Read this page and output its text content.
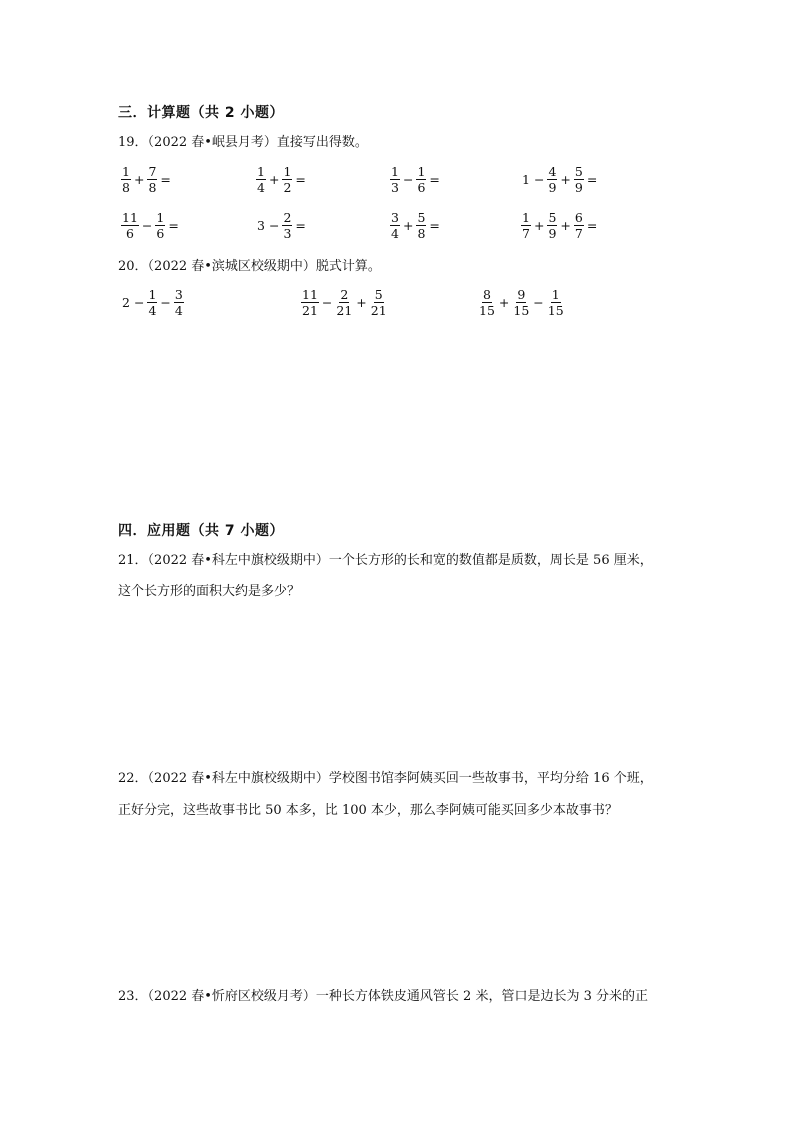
三．计算题（共 2 小题）
19．（2022 春•岷县月考）直接写出得数。
$\frac{1}{8} + \frac{7}{8}$ =	$\frac{1}{4} + \frac{1}{2}$ =	$\frac{1}{3} - \frac{1}{6}$ =	$1 - \frac{4}{9} + \frac{5}{9}$ =
$\frac{11}{6} - \frac{1}{6}$ =	$3 - \frac{2}{3}$ =	$\frac{3}{4} + \frac{5}{8}$ =	$\frac{1}{7} + \frac{5}{9} + \frac{6}{7}$ =
20．（2022 春•滨城区校级期中）脱式计算。
$2 - \frac{1}{4} - \frac{3}{4}$	$\frac{11}{21} - \frac{2}{21} + \frac{5}{21}$	$\frac{8}{15} + \frac{9}{15} - \frac{1}{15}$
四．应用题（共 7 小题）
21．（2022 春•科左中旗校级期中）一个长方形的长和宽的数值都是质数，周长是 56 厘米，
这个长方形的面积大约是多少？
22．（2022 春•科左中旗校级期中）学校图书馆李阿姨买回一些故事书，平均分给 16 个班，
正好分完，这些故事书比 50 本多，比 100 本少，那么李阿姨可能买回多少本故事书？
23．（2022 春•忻府区校级月考）一种长方体铁皮通风管长 2 米，管口是边长为 3 分米的正
